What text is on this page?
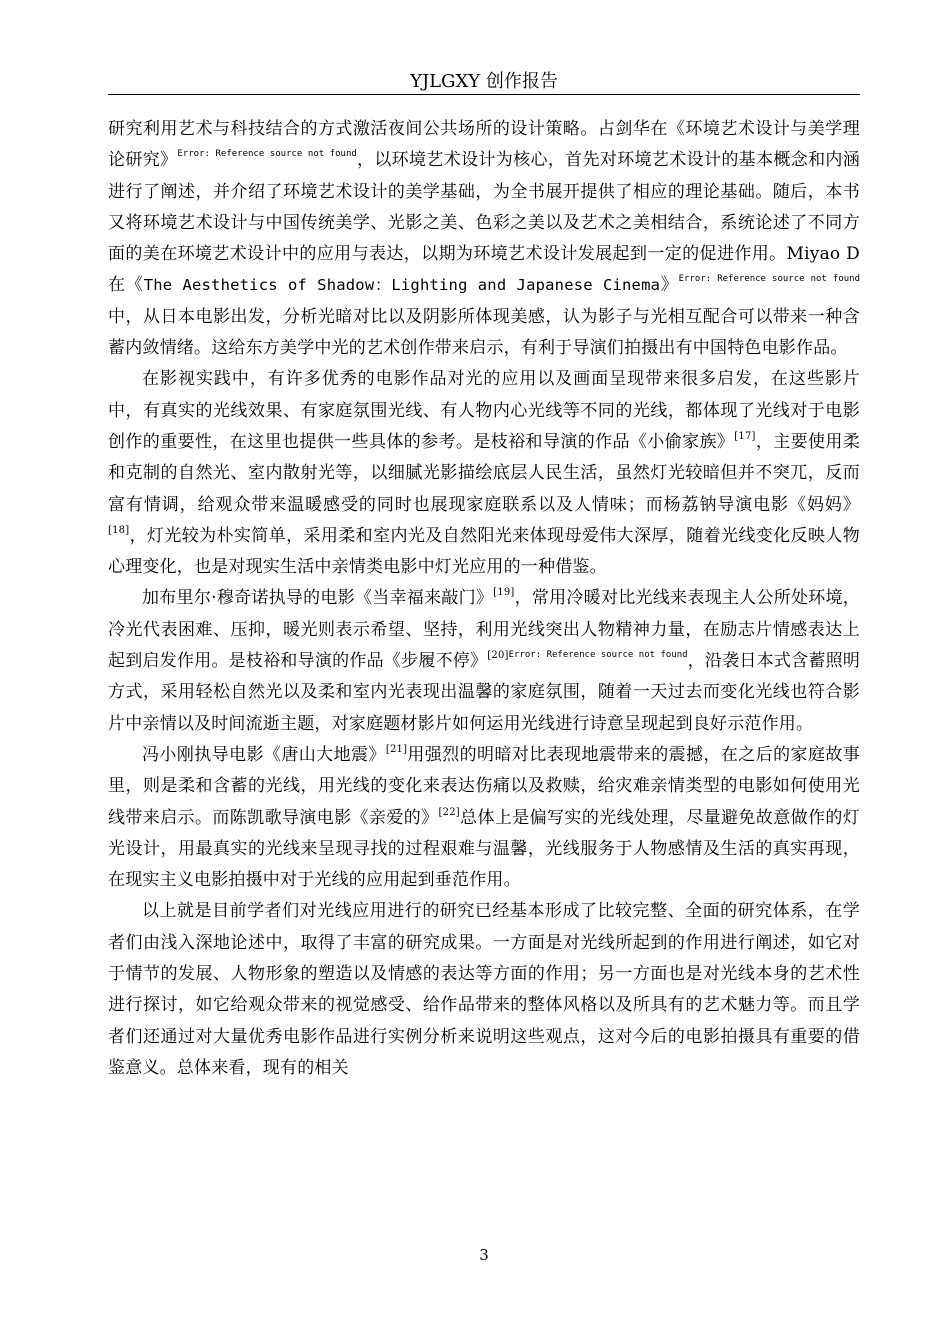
YJLGXY 创作报告

研究利用艺术与科技结合的方式激活夜间公共场所的设计策略。占剑华在《环境艺术设计与美学理论研究》$^{Error: Reference source not found}$，以环境艺术设计为核心，首先对环境艺术设计的基本概念和内涵进行了阐述，并介绍了环境艺术设计的美学基础，为全书展开提供了相应的理论基础。随后，本书又将环境艺术设计与中国传统美学、光影之美、色彩之美以及艺术之美相结合，系统论述了不同方面的美在环境艺术设计中的应用与表达，以期为环境艺术设计发展起到一定的促进作用。Miyao D在《The Aesthetics of Shadow：Lighting and Japanese Cinema》$^{Error: Reference source not found}$中，从日本电影出发，分析光暗对比以及阴影所体现美感，认为影子与光相互配合可以带来一种含蓄内敛情绪。这给东方美学中光的艺术创作带来启示，有利于导演们拍摄出有中国特色电影作品。

在影视实践中，有许多优秀的电影作品对光的应用以及画面呈现带来很多启发，在这些影片中，有真实的光线效果、有家庭氛围光线、有人物内心光线等不同的光线，都体现了光线对于电影创作的重要性，在这里也提供一些具体的参考。是枝裕和导演的作品《小偷家族》[17]，主要使用柔和克制的自然光、室内散射光等，以细腻光影描绘底层人民生活，虽然灯光较暗但并不突兀，反而富有情调，给观众带来温暖感受的同时也展现家庭联系以及人情味；而杨荔钠导演电影《妈妈》[18]，灯光较为朴实简单，采用柔和室内光及自然阳光来体现母爱伟大深厚，随着光线变化反映人物心理变化，也是对现实生活中亲情类电影中灯光应用的一种借鉴。

加布里尔·穆奇诺执导的电影《当幸福来敲门》[19]，常用冷暖对比光线来表现主人公所处环境，冷光代表困难、压抑，暖光则表示希望、坚持，利用光线突出人物精神力量，在励志片情感表达上起到启发作用。是枝裕和导演的作品《步履不停》$^{[20]Error: Reference source not found}$，沿袭日本式含蓄照明方式，采用轻松自然光以及柔和室内光表现出温馨的家庭氛围，随着一天过去而变化光线也符合影片中亲情以及时间流逝主题，对家庭题材影片如何运用光线进行诗意呈现起到良好示范作用。

冯小刚执导电影《唐山大地震》[21]用强烈的明暗对比表现地震带来的震撼，在之后的家庭故事里，则是柔和含蓄的光线，用光线的变化来表达伤痛以及救赎，给灾难亲情类型的电影如何使用光线带来启示。而陈凯歌导演电影《亲爱的》[22]总体上是偏写实的光线处理，尽量避免故意做作的灯光设计，用最真实的光线来呈现寻找的过程艰难与温馨，光线服务于人物感情及生活的真实再现，在现实主义电影拍摄中对于光线的应用起到垂范作用。

以上就是目前学者们对光线应用进行的研究已经基本形成了比较完整、全面的研究体系，在学者们由浅入深地论述中，取得了丰富的研究成果。一方面是对光线所起到的作用进行阐述，如它对于情节的发展、人物形象的塑造以及情感的表达等方面的作用；另一方面也是对光线本身的艺术性进行探讨，如它给观众带来的视觉感受、给作品带来的整体风格以及所具有的艺术魅力等。而且学者们还通过对大量优秀电影作品进行实例分析来说明这些观点，这对今后的电影拍摄具有重要的借鉴意义。总体来看，现有的相关

3
